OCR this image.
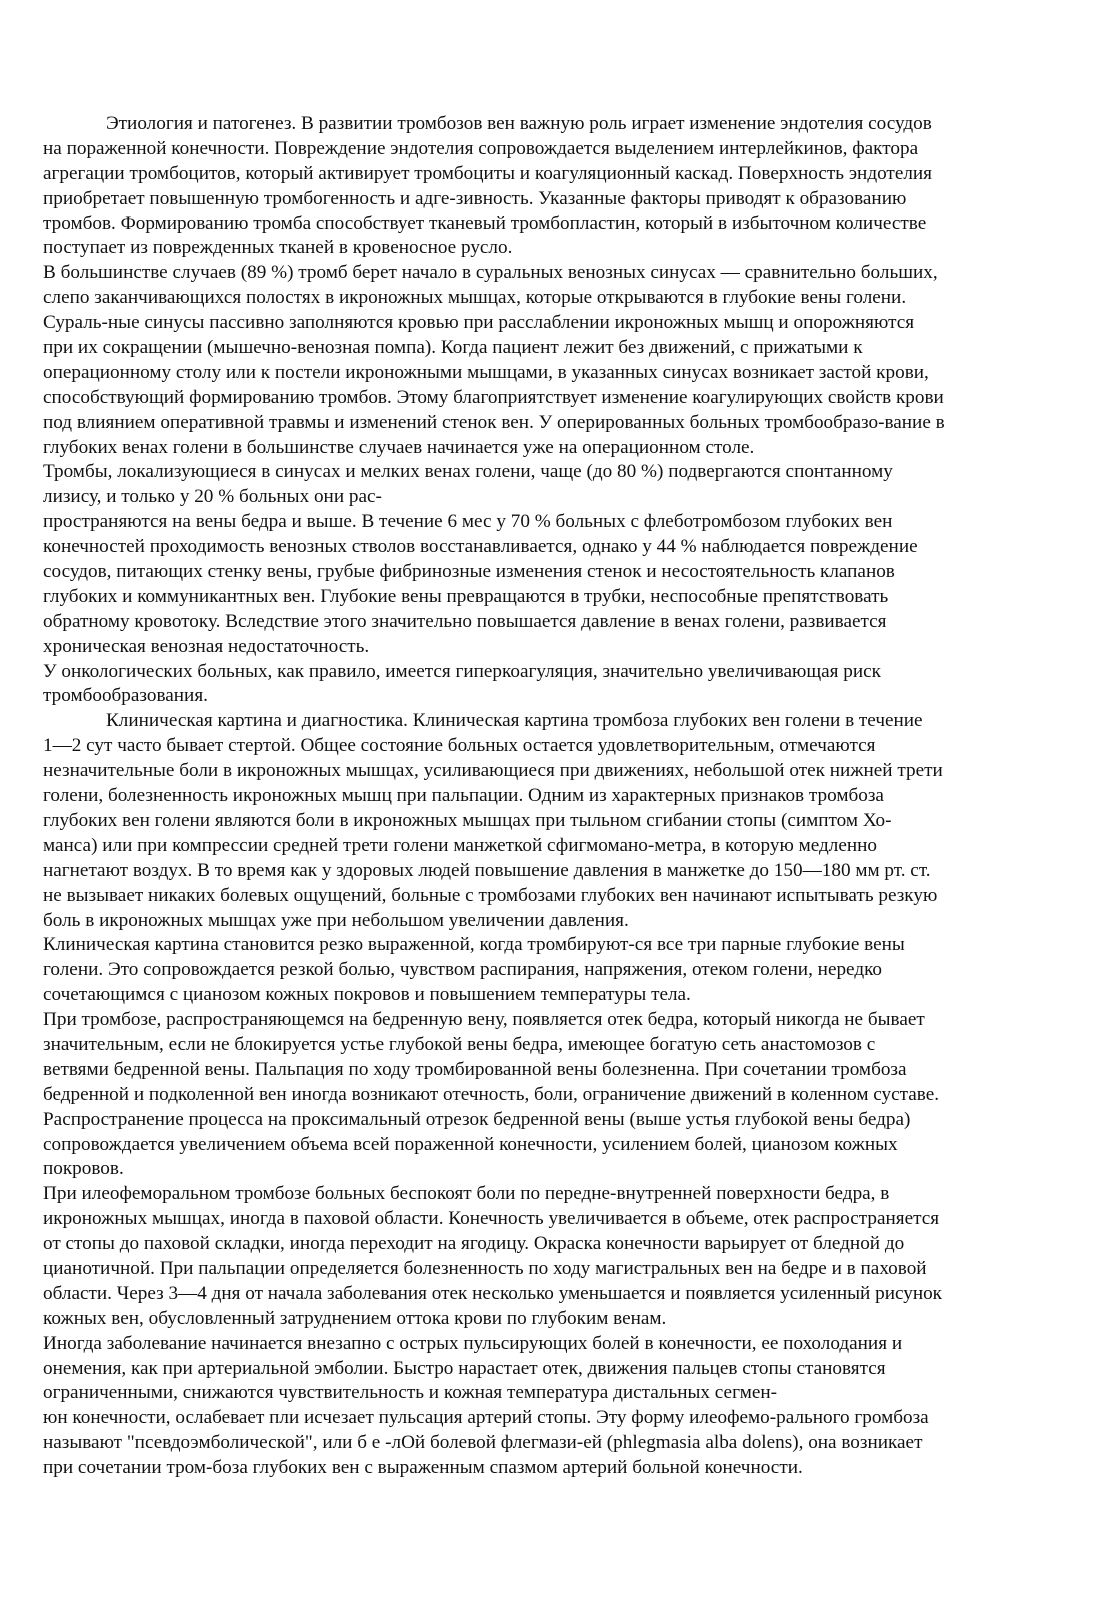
Этиология и патогенез. В развитии тромбозов вен важную роль играет изменение эндотелия сосудов
на пораженной конечности. Повреждение эндотелия сопровождается выделением интерлейкинов, фактора
агрегации тромбоцитов, который активирует тромбоциты и коагуляционный каскад. Поверхность эндотелия
приобретает повышенную тромбогенность и адге-зивность. Указанные факторы приводят к образованию
тромбов. Формированию тромба способствует тканевый тромбопластин, который в избыточном количестве
поступает из поврежденных тканей в кровеносное русло.
В большинстве случаев (89 %) тромб берет начало в суральных венозных синусах — сравнительно больших,
слепо заканчивающихся полостях в икроножных мышцах, которые открываются в глубокие вены голени.
Сураль-ные синусы пассивно заполняются кровью при расслаблении икроножных мышц и опорожняются
при их сокращении (мышечно-венозная помпа). Когда пациент лежит без движений, с прижатыми к
операционному столу или к постели икроножными мышцами, в указанных синусах возникает застой крови,
способствующий формированию тромбов. Этому благоприятствует изменение коагулирующих свойств крови
под влиянием оперативной травмы и изменений стенок вен. У оперированных больных тромбообразо-вание в
глубоких венах голени в большинстве случаев начинается уже на операционном столе.
Тромбы, локализующиеся в синусах и мелких венах голени, чаще (до 80 %) подвергаются спонтанному
лизису, и только у 20 % больных они рас-
пространяются на вены бедра и выше. В течение 6 мес у 70 % больных с флеботромбозом глубоких вен
конечностей проходимость венозных стволов восстанавливается, однако у 44 % наблюдается повреждение
сосудов, питающих стенку вены, грубые фибринозные изменения стенок и несостоятельность клапанов
глубоких и коммуникантных вен. Глубокие вены превращаются в трубки, неспособные препятствовать
обратному кровотоку. Вследствие этого значительно повышается давление в венах голени, развивается
хроническая венозная недостаточность.
У онкологических больных, как правило, имеется гиперкоагуляция, значительно увеличивающая риск
тромбообразования.
Клиническая картина и диагностика. Клиническая картина тромбоза глубоких вен голени в течение
1—2 сут часто бывает стертой. Общее состояние больных остается удовлетворительным, отмечаются
незначительные боли в икроножных мышцах, усиливающиеся при движениях, небольшой отек нижней трети
голени, болезненность икроножных мышц при пальпации. Одним из характерных признаков тромбоза
глубоких вен голени являются боли в икроножных мышцах при тыльном сгибании стопы (симптом Хо-
манса) или при компрессии средней трети голени манжеткой сфигмомано-метра, в которую медленно
нагнетают воздух. В то время как у здоровых людей повышение давления в манжетке до 150—180 мм рт. ст.
не вызывает никаких болевых ощущений, больные с тромбозами глубоких вен начинают испытывать резкую
боль в икроножных мышцах уже при небольшом увеличении давления.
Клиническая картина становится резко выраженной, когда тромбируют-ся все три парные глубокие вены
голени. Это сопровождается резкой болью, чувством распирания, напряжения, отеком голени, нередко
сочетающимся с цианозом кожных покровов и повышением температуры тела.
При тромбозе, распространяющемся на бедренную вену, появляется отек бедра, который никогда не бывает
значительным, если не блокируется устье глубокой вены бедра, имеющее богатую сеть анастомозов с
ветвями бедренной вены. Пальпация по ходу тромбированной вены болезненна. При сочетании тромбоза
бедренной и подколенной вен иногда возникают отечность, боли, ограничение движений в коленном суставе.
Распространение процесса на проксимальный отрезок бедренной вены (выше устья глубокой вены бедра)
сопровождается увеличением объема всей пораженной конечности, усилением болей, цианозом кожных
покровов.
При илеофеморальном тромбозе больных беспокоят боли по передне-внутренней поверхности бедра, в
икроножных мышцах, иногда в паховой области. Конечность увеличивается в объеме, отек распространяется
от стопы до паховой складки, иногда переходит на ягодицу. Окраска конечности варьирует от бледной до
цианотичной. При пальпации определяется болезненность по ходу магистральных вен на бедре и в паховой
области. Через 3—4 дня от начала заболевания отек несколько уменьшается и появляется усиленный рисунок
кожных вен, обусловленный затруднением оттока крови по глубоким венам.
Иногда заболевание начинается внезапно с острых пульсирующих болей в конечности, ее похолодания и
онемения, как при артериальной эмболии. Быстро нарастает отек, движения пальцев стопы становятся
ограниченными, снижаются чувствительность и кожная температура дистальных сегмен-
юн конечности, ослабевает пли исчезает пульсация артерий стопы. Эту форму илеофемо-рального громбоза
называют "псевдоэмболической", или б е -лОй болевой флегмази-ей (phlegmasia alba dolens), она возникает
при сочетании тром-боза глубоких вен с выраженным спазмом артерий больной конечности.
